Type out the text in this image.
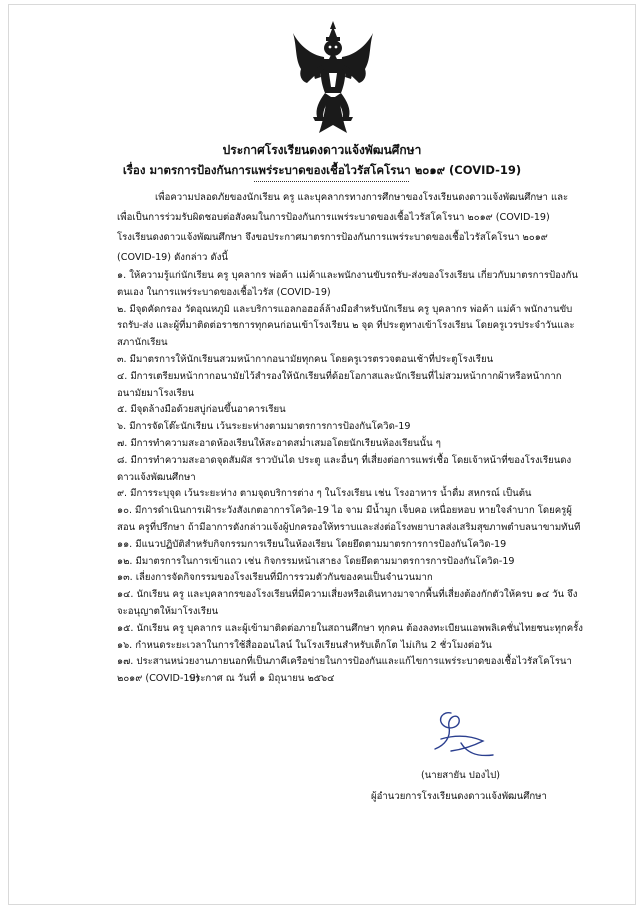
ประกาศโรงเรียนดงดาวแจ้งพัฒนศึกษา
เรื่อง มาตรการป้องกันการแพร่ระบาดของเชื้อไวรัสโคโรนา ๒๐๑๙ (COVID-19)
เพื่อความปลอดภัยของนักเรียน ครู และบุคลากรทางการศึกษาของโรงเรียนดงดาวแจ้งพัฒนศึกษา และเพื่อเป็นการร่วมรับผิดชอบต่อสังคมในการป้องกันการแพร่ระบาดของเชื้อไวรัสโคโรนา ๒๐๑๙ (COVID-19) โรงเรียนดงดาวแจ้งพัฒนศึกษา จึงขอประกาศมาตรการป้องกันการแพร่ระบาดของเชื้อไวรัสโคโรนา ๒๐๑๙ (COVID-19) ดังกล่าว ดังนี้
๑. ให้ความรู้แก่นักเรียน ครู บุคลากร พ่อค้า แม่ค้าและพนักงานขับรถรับ-ส่งของโรงเรียน เกี่ยวกับมาตรการป้องกันตนเอง ในการแพร่ระบาดของเชื้อไวรัส (COVID-19)
๒. มีจุดคัดกรอง วัดอุณหภูมิ และบริการแอลกอฮอล์ล้างมือสำหรับนักเรียน ครู บุคลากร พ่อค้า แม่ค้า พนักงานขับรถรับ-ส่ง และผู้ที่มาติดต่อราชการทุกคนก่อนเข้าโรงเรียน ๒ จุด ที่ประตูทางเข้าโรงเรียน โดยครูเวรประจำวันและสภานักเรียน
๓. มีมาตรการให้นักเรียนสวมหน้ากากอนามัยทุกคน โดยครูเวรตรวจตอนเช้าที่ประตูโรงเรียน
๔. มีการเตรียมหน้ากากอนามัยไว้สำรองให้นักเรียนที่ด้อยโอกาสและนักเรียนที่ไม่สวมหน้ากากผ้าหรือหน้ากากอนามัยมาโรงเรียน
๕. มีจุดล้างมือด้วยสบู่ก่อนขึ้นอาคารเรียน
๖. มีการจัดโต๊ะนักเรียน เว้นระยะห่างตามมาตรการการป้องกันโควิด-19
๗. มีการทำความสะอาดห้องเรียนให้สะอาดสม่ำเสมอโดยนักเรียนห้องเรียนนั้น ๆ
๘. มีการทำความสะอาดจุดสัมผัส ราวบันได ประตู และอื่นๆ ที่เสี่ยงต่อการแพร่เชื้อ โดยเจ้าหน้าที่ของโรงเรียนดงดาวแจ้งพัฒนศึกษา
๙. มีการระบุจุด เว้นระยะห่าง ตามจุดบริการต่าง ๆ ในโรงเรียน เช่น โรงอาหาร น้ำดื่ม สหกรณ์ เป็นต้น
๑๐. มีการดำเนินการเฝ้าระวังสังเกตอาการโควิด-19 ไอ จาม มีน้ำมูก เจ็บคอ เหนื่อยหอบ หายใจลำบาก โดยครูผู้สอน ครูที่ปรึกษา ถ้ามีอาการดังกล่าวแจ้งผู้ปกครองให้ทราบและส่งต่อโรงพยาบาลส่งเสริมสุขภาพตำบลนาขามทันที
๑๑. มีแนวปฏิบัติสำหรับกิจกรรมการเรียนในห้องเรียน โดยยึดตามมาตรการการป้องกันโควิด-19
๑๒. มีมาตรการในการเข้าแถว เช่น กิจกรรมหน้าเสาธง โดยยึดตามมาตรการการป้องกันโควิด-19
๑๓. เลี่ยงการจัดกิจกรรมของโรงเรียนที่มีการรวมตัวกันของคนเป็นจำนวนมาก
๑๔. นักเรียน ครู และบุคลากรของโรงเรียนที่มีความเสี่ยงหรือเดินทางมาจากพื้นที่เสี่ยงต้องกักตัวให้ครบ ๑๔ วัน จึงจะอนุญาตให้มาโรงเรียน
๑๕. นักเรียน ครู บุคลากร และผู้เข้ามาติดต่อภายในสถานศึกษา ทุกคน ต้องลงทะเบียนแอพพลิเคชั่นไทยชนะทุกครั้ง
๑๖. กำหนดระยะเวลาในการใช้สื่อออนไลน์ ในโรงเรียนสำหรับเด็กโต ไม่เกิน 2 ชั่วโมงต่อวัน
๑๗. ประสานหน่วยงานภายนอกที่เป็นภาคีเครือข่ายในการป้องกันและแก้ไขการแพร่ระบาดของเชื้อไวรัสโคโรนา ๒๐๑๙ (COVID-19)
ประกาศ ณ วันที่ ๑ มิถุนายน ๒๕๖๔
(นายสายัน ปองไป)
ผู้อำนวยการโรงเรียนดงดาวแจ้งพัฒนศึกษา
